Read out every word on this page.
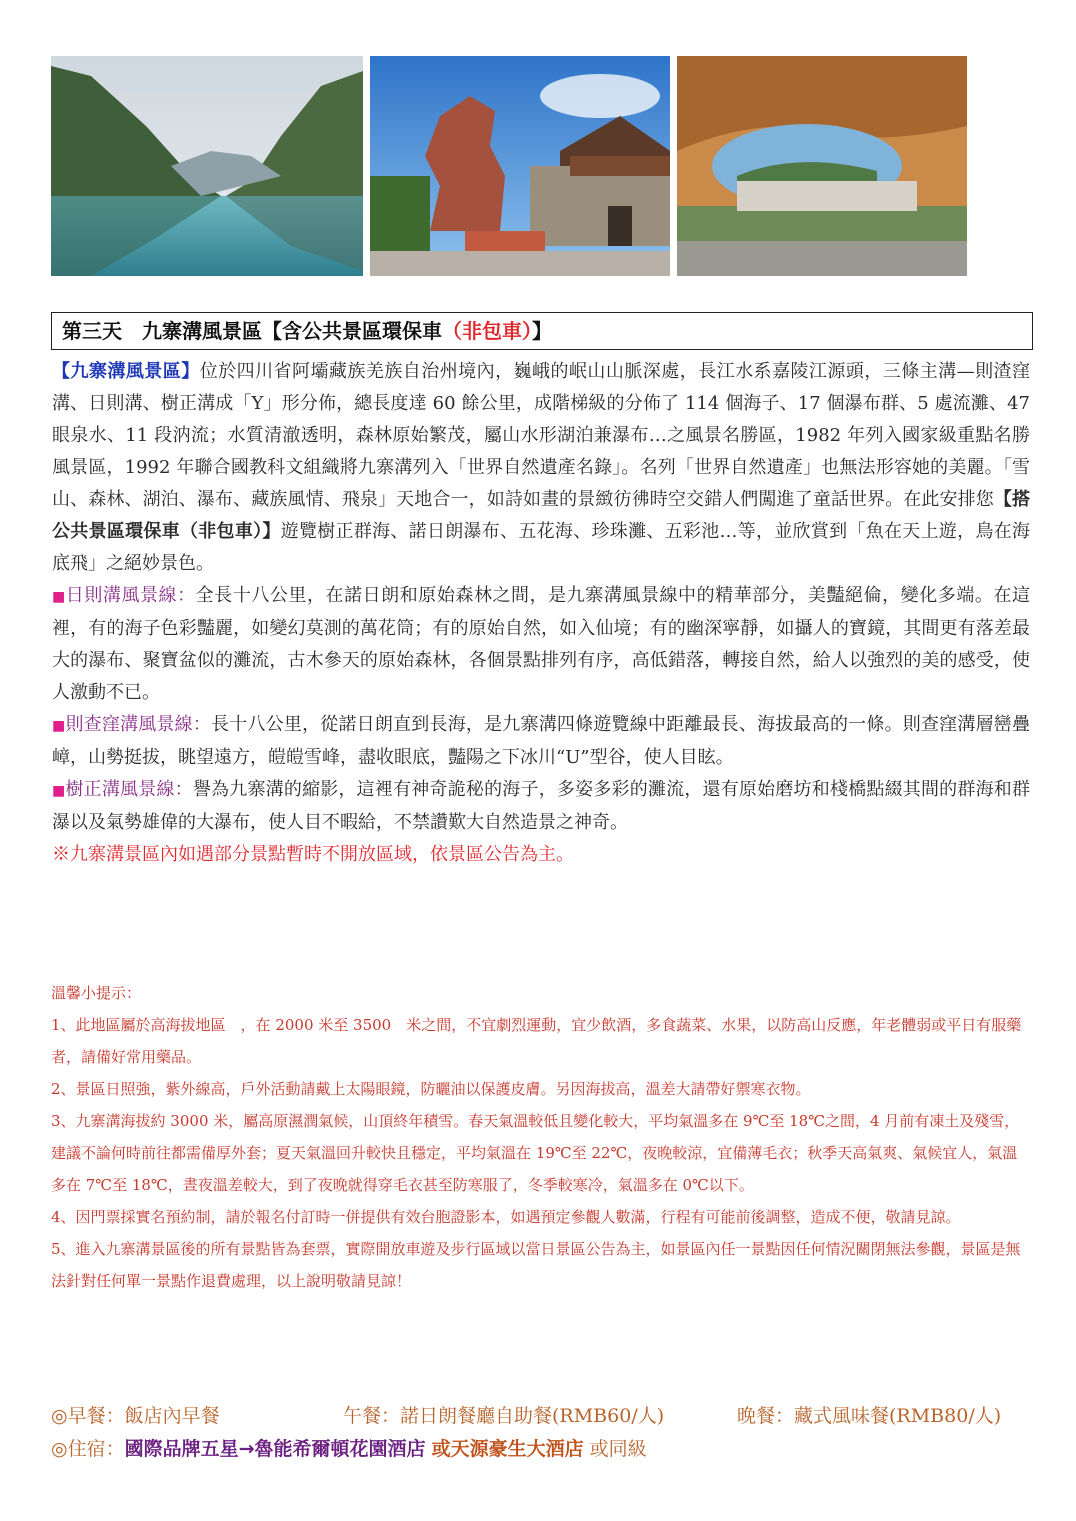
第三天　九寨溝風景區【含公共景區環保車（非包車）】

【九寨溝風景區】位於四川省阿壩藏族羌族自治州境內，巍峨的岷山山脈深處，長江水系嘉陵江源頭，三條主溝—則渣窪溝、日則溝、樹正溝成「Y」形分佈，總長度達 60 餘公里，成階梯級的分佈了 114 個海子、17 個瀑布群、5 處流灘、47 眼泉水、11 段汭流；水質清澈透明，森林原始繁茂，屬山水形湖泊兼瀑布…之風景名勝區，1982 年列入國家級重點名勝風景區，1992 年聯合國教科文組織將九寨溝列入「世界自然遺產名錄」。名列「世界自然遺產」也無法形容她的美麗。「雪山、森林、湖泊、瀑布、藏族風情、飛泉」天地合一，如詩如畫的景緻彷彿時空交錯人們闖進了童話世界。在此安排您【搭公共景區環保車（非包車）】遊覽樹正群海、諾日朗瀑布、五花海、珍珠灘、五彩池…等，並欣賞到「魚在天上遊，鳥在海底飛」之絕妙景色。

■日則溝風景線：全長十八公里，在諾日朗和原始森林之間，是九寨溝風景線中的精華部分，美豔絕倫，變化多端。在這裡，有的海子色彩豔麗，如變幻莫測的萬花筒；有的原始自然，如入仙境；有的幽深寧靜，如攝人的寶鏡，其間更有落差最大的瀑布、聚寶盆似的灘流，古木參天的原始森林，各個景點排列有序，高低錯落，轉接自然，給人以強烈的美的感受，使人激動不已。

■則查窪溝風景線：長十八公里，從諾日朗直到長海，是九寨溝四條遊覽線中距離最長、海拔最高的一條。則查窪溝層巒疊嶂，山勢挺拔，眺望遠方，皚皚雪峰，盡收眼底，豔陽之下冰川“U”型谷，使人目眩。

■樹正溝風景線：譽為九寨溝的縮影，這裡有神奇詭秘的海子，多姿多彩的灘流，還有原始磨坊和棧橋點綴其間的群海和群瀑以及氣勢雄偉的大瀑布，使人目不暇給，不禁讚歎大自然造景之神奇。

※九寨溝景區內如遇部分景點暫時不開放區域，依景區公告為主。

溫馨小提示：

1、此地區屬於高海拔地區　，在 2000 米至 3500　米之間，不宜劇烈運動，宜少飲酒，多食蔬菜、水果，以防高山反應，年老體弱或平日有服藥者，請備好常用藥品。

2、景區日照強，紫外線高，戶外活動請戴上太陽眼鏡，防曬油以保護皮膚。另因海拔高，溫差大請帶好禦寒衣物。

3、九寨溝海拔約 3000 米，屬高原濕潤氣候，山頂終年積雪。春天氣溫較低且變化較大，平均氣溫多在 9℃至 18℃之間，4 月前有凍土及殘雪，建議不論何時前往都需備厚外套；夏天氣溫回升較快且穩定，平均氣溫在 19℃至 22℃，夜晚較涼，宜備薄毛衣；秋季天高氣爽、氣候宜人，氣溫多在 7℃至 18℃，晝夜溫差較大，到了夜晚就得穿毛衣甚至防寒服了，冬季較寒冷，氣溫多在 0℃以下。

4、因門票採實名預約制，請於報名付訂時一併提供有效台胞證影本，如遇預定參觀人數滿，行程有可能前後調整，造成不便，敬請見諒。

5、進入九寨溝景區後的所有景點皆為套票，實際開放車遊及步行區域以當日景區公告為主，如景區內任一景點因任何情況關閉無法參觀，景區是無法針對任何單一景點作退費處理，以上說明敬請見諒！

◎早餐：飯店內早餐	午餐：諾日朗餐廳自助餐(RMB60/人)	晚餐：藏式風味餐(RMB80/人)
◎住宿：國際品牌五星→魯能希爾頓花園酒店 或天源豪生大酒店 或同級
